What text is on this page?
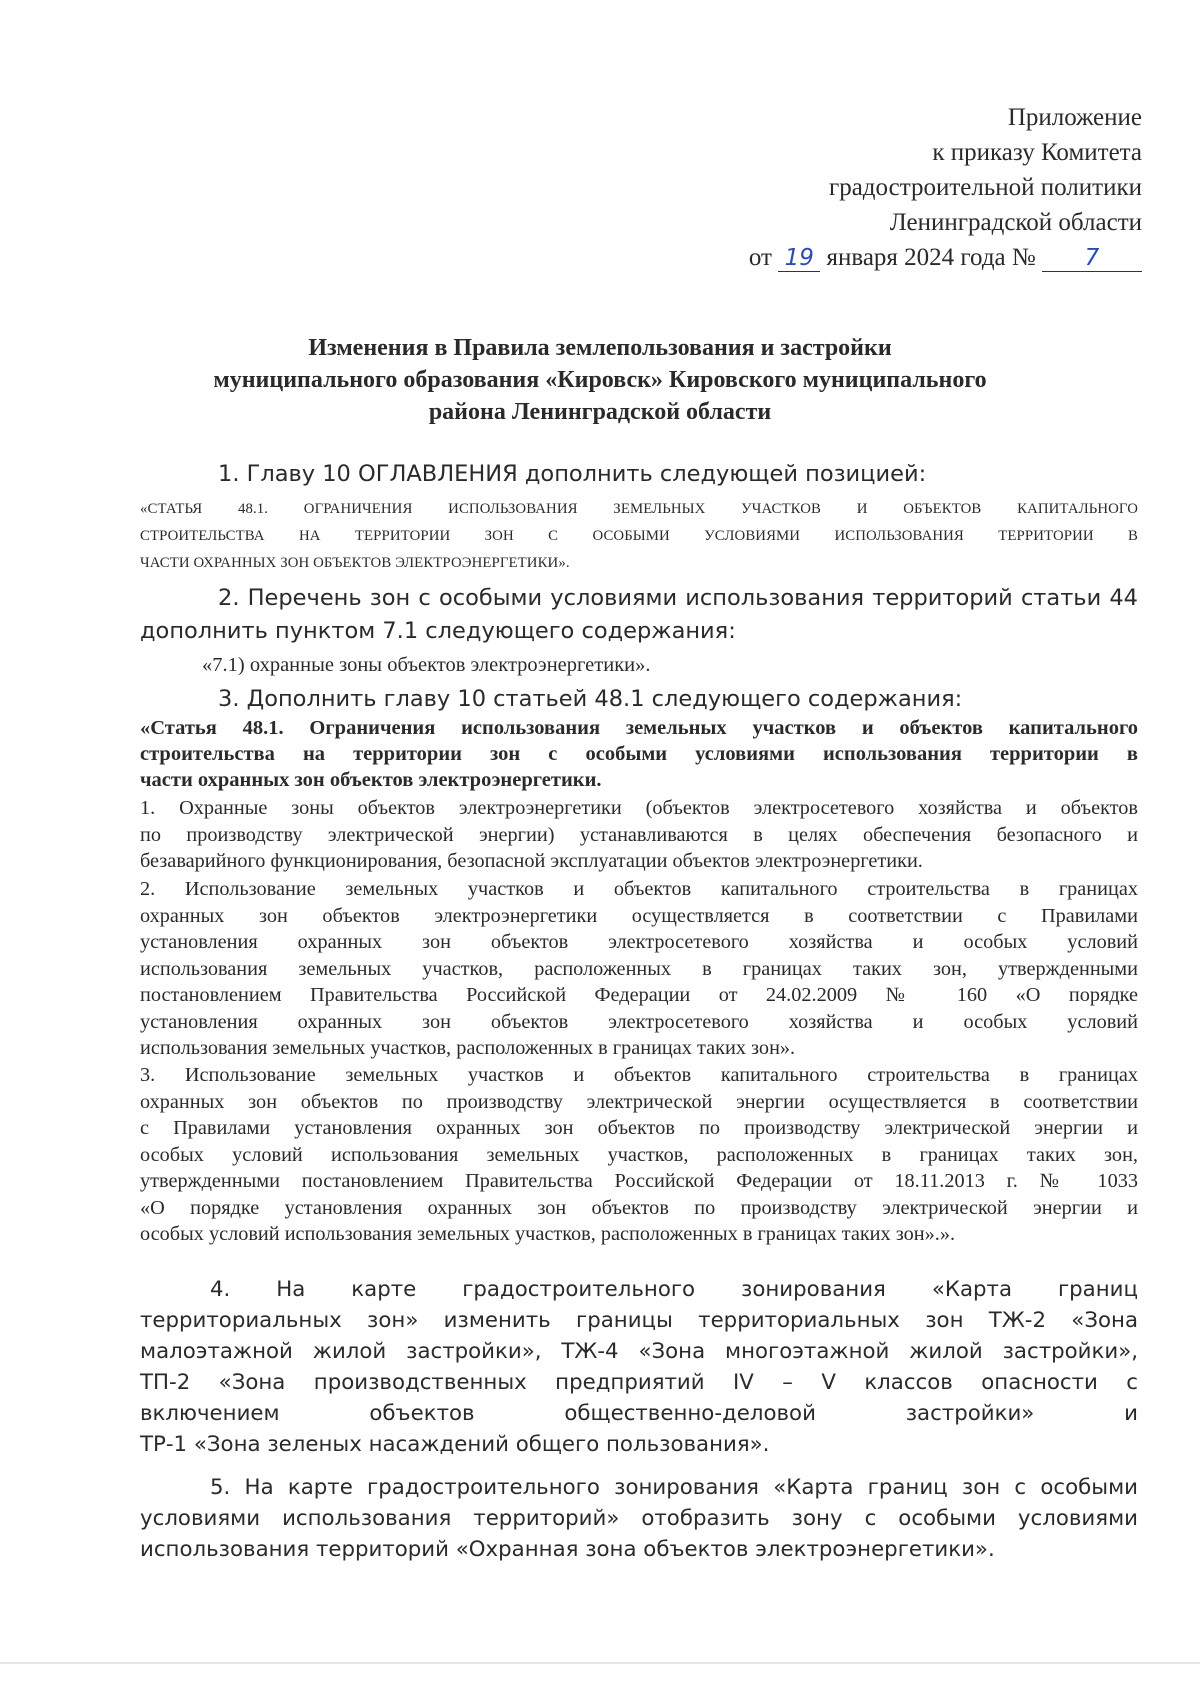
Приложение
к приказу Комитета
градостроительной политики
Ленинградской области
от 19 января 2024 года № 7
Изменения в Правила землепользования и застройки
муниципального образования «Кировск» Кировского муниципального
района Ленинградской области
1. Главу 10 ОГЛАВЛЕНИЯ дополнить следующей позицией:
«СТАТЬЯ 48.1. ОГРАНИЧЕНИЯ ИСПОЛЬЗОВАНИЯ ЗЕМЕЛЬНЫХ УЧАСТКОВ И ОБЪЕКТОВ КАПИТАЛЬНОГО
СТРОИТЕЛЬСТВА НА ТЕРРИТОРИИ ЗОН С ОСОБЫМИ УСЛОВИЯМИ ИСПОЛЬЗОВАНИЯ ТЕРРИТОРИИ В
ЧАСТИ ОХРАННЫХ ЗОН ОБЪЕКТОВ ЭЛЕКТРОЭНЕРГЕТИКИ».
2. Перечень зон с особыми условиями использования территорий статьи 44
дополнить пунктом 7.1 следующего содержания:
«7.1) охранные зоны объектов электроэнергетики».
3. Дополнить главу 10 статьей 48.1 следующего содержания:
«Статья 48.1. Ограничения использования земельных участков и объектов капитального
строительства на территории зон с особыми условиями использования территории в
части охранных зон объектов электроэнергетики.
1. Охранные зоны объектов электроэнергетики (объектов электросетевого хозяйства и объектов
по производству электрической энергии) устанавливаются в целях обеспечения безопасного и
безаварийного функционирования, безопасной эксплуатации объектов электроэнергетики.
2. Использование земельных участков и объектов капитального строительства в границах
охранных зон объектов электроэнергетики осуществляется в соответствии с Правилами
установления охранных зон объектов электросетевого хозяйства и особых условий
использования земельных участков, расположенных в границах таких зон, утвержденными
постановлением Правительства Российской Федерации от 24.02.2009 № 160 «О порядке
установления охранных зон объектов электросетевого хозяйства и особых условий
использования земельных участков, расположенных в границах таких зон».
3. Использование земельных участков и объектов капитального строительства в границах
охранных зон объектов по производству электрической энергии осуществляется в соответствии
с Правилами установления охранных зон объектов по производству электрической энергии и
особых условий использования земельных участков, расположенных в границах таких зон,
утвержденными постановлением Правительства Российской Федерации от 18.11.2013 г. № 1033
«О порядке установления охранных зон объектов по производству электрической энергии и
особых условий использования земельных участков, расположенных в границах таких зон».».
4. На карте градостроительного зонирования «Карта границ
территориальных зон» изменить границы территориальных зон ТЖ-2 «Зона
малоэтажной жилой застройки», ТЖ-4 «Зона многоэтажной жилой застройки»,
ТП-2 «Зона производственных предприятий IV – V классов опасности с
включением объектов общественно-деловой застройки» и
ТР-1 «Зона зеленых насаждений общего пользования».
5. На карте градостроительного зонирования «Карта границ зон с особыми
условиями использования территорий» отобразить зону с особыми условиями
использования территорий «Охранная зона объектов электроэнергетики».
